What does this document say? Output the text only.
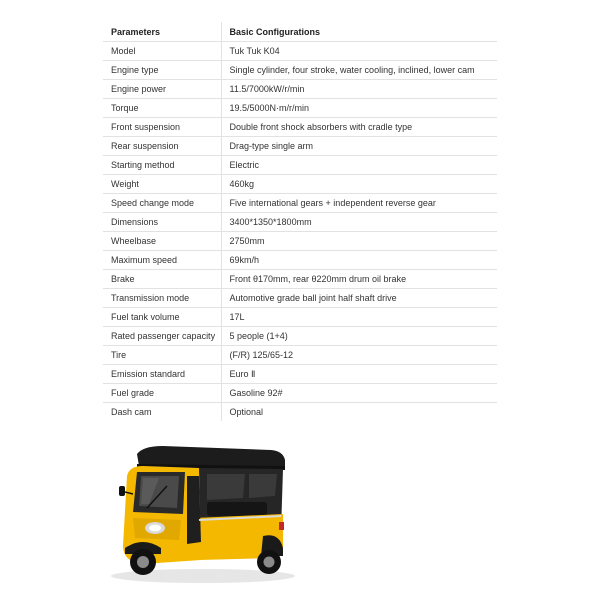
Parameters	Basic Configurations
Model	Tuk Tuk K04
Engine type	Single cylinder, four stroke, water cooling, inclined, lower cam
Engine power	11.5/7000kW/r/min
Torque	19.5/5000N·m/r/min
Front suspension	Double front shock absorbers with cradle type
Rear suspension	Drag-type single arm
Starting method	Electric
Weight	460kg
Speed change mode	Five international gears + independent reverse gear
Dimensions	3400*1350*1800mm
Wheelbase	2750mm
Maximum speed	69km/h
Brake	Front θ170mm, rear θ220mm drum oil brake
Transmission mode	Automotive grade ball joint half shaft drive
Fuel tank volume	17L
Rated passenger capacity	5 people (1+4)
Tire	(F/R) 125/65-12
Emission standard	Euro Ⅱ
Fuel grade	Gasoline 92#
Dash cam	Optional
